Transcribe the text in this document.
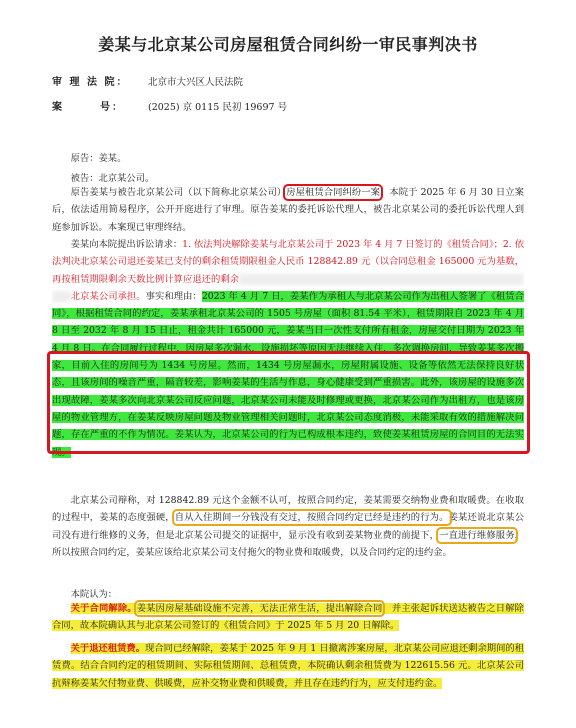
姜某与北京某公司房屋租赁合同纠纷一审民事判决书
审 理 法 院：	北京市大兴区人民法院
案　　　号：	(2025) 京 0115 民初 19697 号
原告：姜某。
被告：北京某公司。
原告姜某与被告北京某公司（以下简称北京某公司）房屋租赁合同纠纷一案，本院于 2025 年 6 月 30 日立案后，依法适用简易程序，公开开庭进行了审理。原告姜某的委托诉讼代理人，被告北京某公司的委托诉讼代理人到庭参加诉讼。本案现已审理终结。
姜某向本院提出诉讼请求：1. 依法判决解除姜某与北京某公司于 2023 年 4 月 7 日签订的《租赁合同》；2. 依法判决北京某公司退还姜某已支付的剩余租赁期限租金人民币 128842.89 元（以合同总租金 165000 元为基数，再按租赁期限剩余天数比例计算应退还的剩余租金数额，后续金额以最终核算为准）；3.本案诉讼费用由北京某公司承担北京某公司承担。事实和理由：2023 年 4 月 7 日，姜某作为承租人与北京某公司作为出租人签署了《租赁合同》，根据租赁合同的约定，姜某承租北京某公司的 1505 号房屋（面积 81.54 平米），租赁期限自 2023 年 4 月 8 日至 2032 年 8 月 15 日止，租金共计 165000 元，姜某当日一次性支付所有租金，房屋交付日期为 2023 年 4 月 8 日。在合同履行过程中，因房屋多次漏水，设施损坏等原因无法继续入住，多次调换房间，导致姜某多次搬家，目前入住的房间号为 1434 号房屋。然而，1434 号房屋漏水，房屋附属设施、设备等依然无法保持良好状态，且该房间的噪音严重，隔音较差，影响姜某的生活与作息，身心健康受到严重损害。此外，该房屋的设施多次出现故障，姜某多次向北京某公司反应问题，北京某公司未能及时修理或更换，北京某公司作为出租方，也是该房屋的物业管理方，在姜某反映房屋问题及物业管理相关问题时，北京某公司态度消极，未能采取有效的措施解决问题，存在严重的不作为情况。姜某认为，北京某公司的行为已构成根本违约，致使姜某租赁房屋的合同目的无法实现。
北京某公司辩称，对 128842.89 元这个金额不认可，按照合同约定，姜某需要交纳物业费和取暖费。在收取的过程中，姜某的态度强硬，自从入住期间一分钱没有交过，按照合同约定已经是违约的行为。姜某还说北京某公司没有进行维修的义务，但是北京某公司提交的证据中，显示没有收到姜某物业费的前提下，一直进行维修服务，所以按照合同约定，姜某应该给北京某公司支付拖欠的物业费和取暖费，以及合同约定的违约金。
本院认为：
关于合同解除。姜某因房屋基础设施不完善，无法正常生活，提出解除合同，并主张起诉状送达被告之日解除合同，故本院确认其与北京某公司签订的《租赁合同》于 2025 年 5 月 20 日解除。
关于退还租赁费。现合同已经解除，姜某于 2025 年 9 月 1 日撤离涉案房屋，北京某公司应退还剩余期间的租赁费。结合合同约定的租赁期间、实际租赁期间、总租赁费，本院确认剩余租赁费为 122615.56 元。北京某公司抗辩称姜某欠付物业费、供暖费，应补交物业费和供暖费，并且存在违约行为，应支付违约金。
